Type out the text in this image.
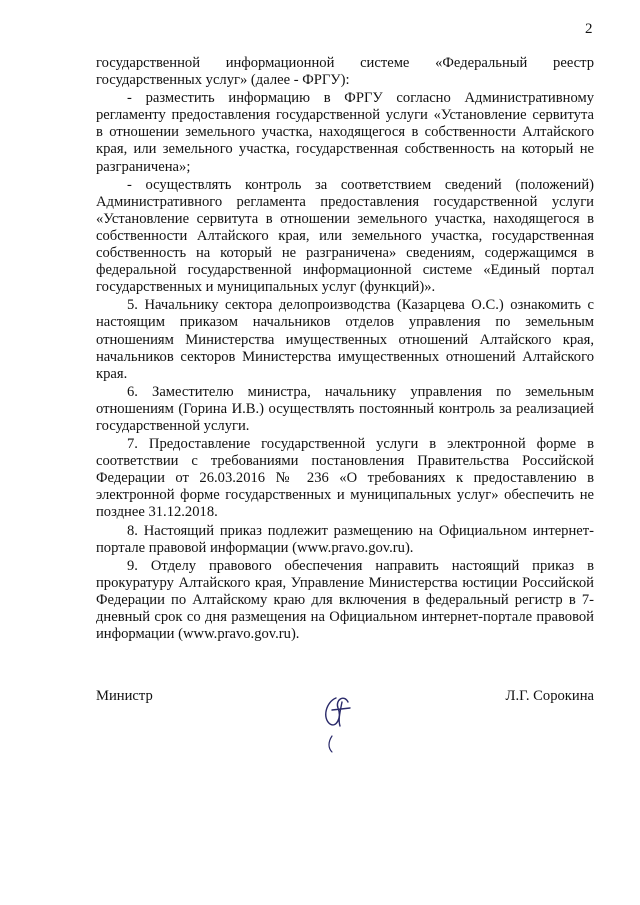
2

государственной информационной системе «Федеральный реестр государственных услуг» (далее - ФРГУ):

- разместить информацию в ФРГУ согласно Административному регламенту предоставления государственной услуги «Установление сервитута в отношении земельного участка, находящегося в собственности Алтайского края, или земельного участка, государственная собственность на который не разграничена»;

- осуществлять контроль за соответствием сведений (положений) Административного регламента предоставления государственной услуги «Установление сервитута в отношении земельного участка, находящегося в собственности Алтайского края, или земельного участка, государственная собственность на который не разграничена» сведениям, содержащимся в федеральной государственной информационной системе «Единый портал государственных и муниципальных услуг (функций)».

5. Начальнику сектора делопроизводства (Казарцева О.С.) ознакомить с настоящим приказом начальников отделов управления по земельным отношениям Министерства имущественных отношений Алтайского края, начальников секторов Министерства имущественных отношений Алтайского края.

6. Заместителю министра, начальнику управления по земельным отношениям (Горина И.В.) осуществлять постоянный контроль за реализацией государственной услуги.

7. Предоставление государственной услуги в электронной форме в соответствии с требованиями постановления Правительства Российской Федерации от 26.03.2016 № 236 «О требованиях к предоставлению в электронной форме государственных и муниципальных услуг» обеспечить не позднее 31.12.2018.

8. Настоящий приказ подлежит размещению на Официальном интернет-портале правовой информации (www.pravo.gov.ru).

9. Отделу правового обеспечения направить настоящий приказ в прокуратуру Алтайского края, Управление Министерства юстиции Российской Федерации по Алтайскому краю для включения в федеральный регистр в 7-дневный срок со дня размещения на Официальном интернет-портале правовой информации (www.pravo.gov.ru).

Министр	Л.Г. Сорокина
